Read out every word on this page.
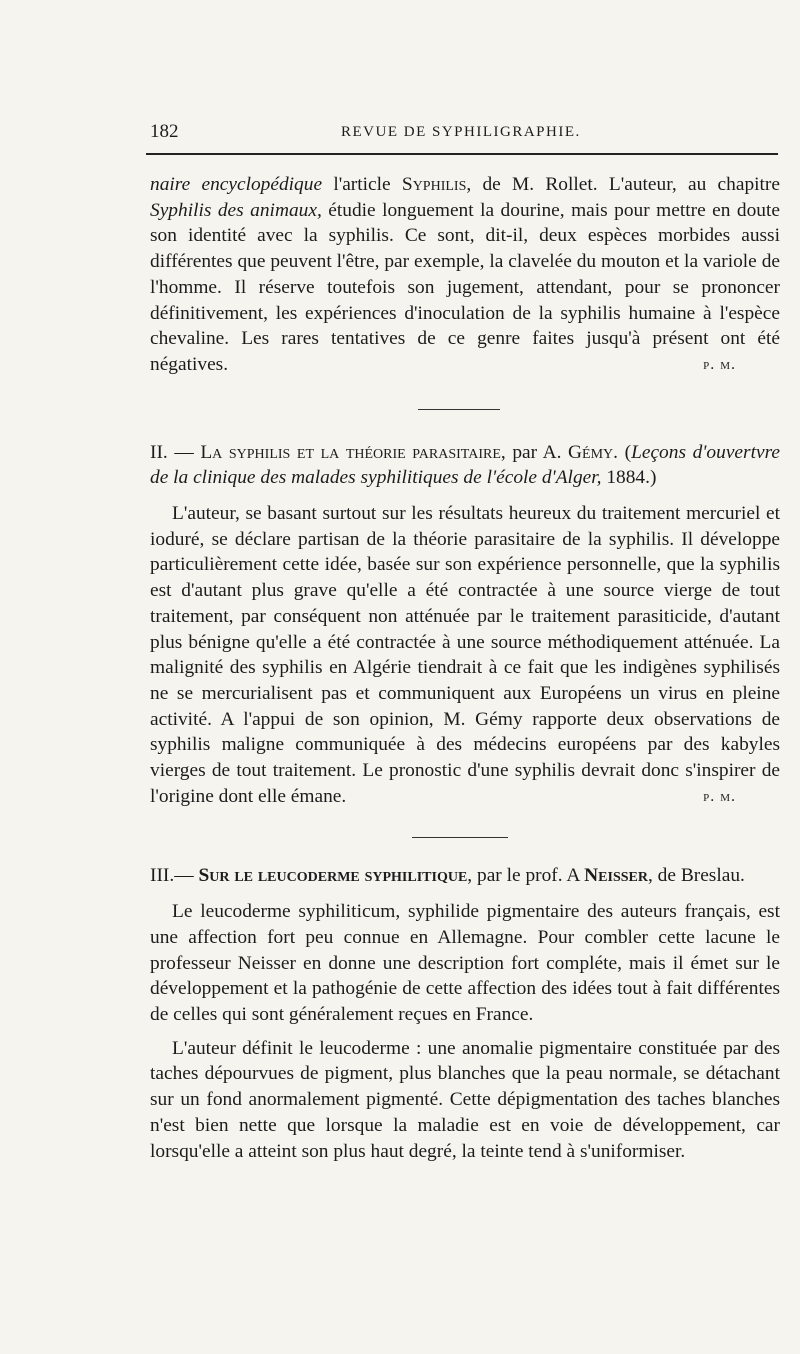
182	REVUE DE SYPHILIGRAPHIE.

naire encyclopédique l'article Syphilis, de M. Rollet. L'auteur, au chapitre Syphilis des animaux, étudie longuement la dourine, mais pour mettre en doute son identité avec la syphilis. Ce sont, dit-il, deux espèces morbides aussi différentes que peuvent l'être, par exemple, la clavelée du mouton et la variole de l'homme. Il réserve toutefois son jugement, attendant, pour se prononcer définitivement, les expériences d'inoculation de la syphilis humaine à l'espèce chevaline. Les rares tentatives de ce genre faites jusqu'à présent ont été négatives.	p. m.

II. — La syphilis et la théorie parasitaire, par A. Gémy. (Leçons d'ouvertvre de la clinique des malades syphilitiques de l'école d'Alger, 1884.)

L'auteur, se basant surtout sur les résultats heureux du traitement mercuriel et ioduré, se déclare partisan de la théorie parasitaire de la syphilis. Il développe particulièrement cette idée, basée sur son expérience personnelle, que la syphilis est d'autant plus grave qu'elle a été contractée à une source vierge de tout traitement, par conséquent non atténuée par le traitement parasiticide, d'autant plus bénigne qu'elle a été contractée à une source méthodiquement atténuée. La malignité des syphilis en Algérie tiendrait à ce fait que les indigènes syphilisés ne se mercurialisent pas et communiquent aux Européens un virus en pleine activité. A l'appui de son opinion, M. Gémy rapporte deux observations de syphilis maligne communiquée à des médecins européens par des kabyles vierges de tout traitement. Le pronostic d'une syphilis devrait donc s'inspirer de l'origine dont elle émane.	p. m.

III.— Sur le leucoderme syphilitique, par le prof. A Neisser, de Breslau.

Le leucoderme syphiliticum, syphilide pigmentaire des auteurs français, est une affection fort peu connue en Allemagne. Pour combler cette lacune le professeur Neisser en donne une description fort compléte, mais il émet sur le développement et la pathogénie de cette affection des idées tout à fait différentes de celles qui sont généralement reçues en France.

L'auteur définit le leucoderme : une anomalie pigmentaire constituée par des taches dépourvues de pigment, plus blanches que la peau normale, se détachant sur un fond anormalement pigmenté. Cette dépigmentation des taches blanches n'est bien nette que lorsque la maladie est en voie de développement, car lorsqu'elle a atteint son plus haut degré, la teinte tend à s'uniformiser.
